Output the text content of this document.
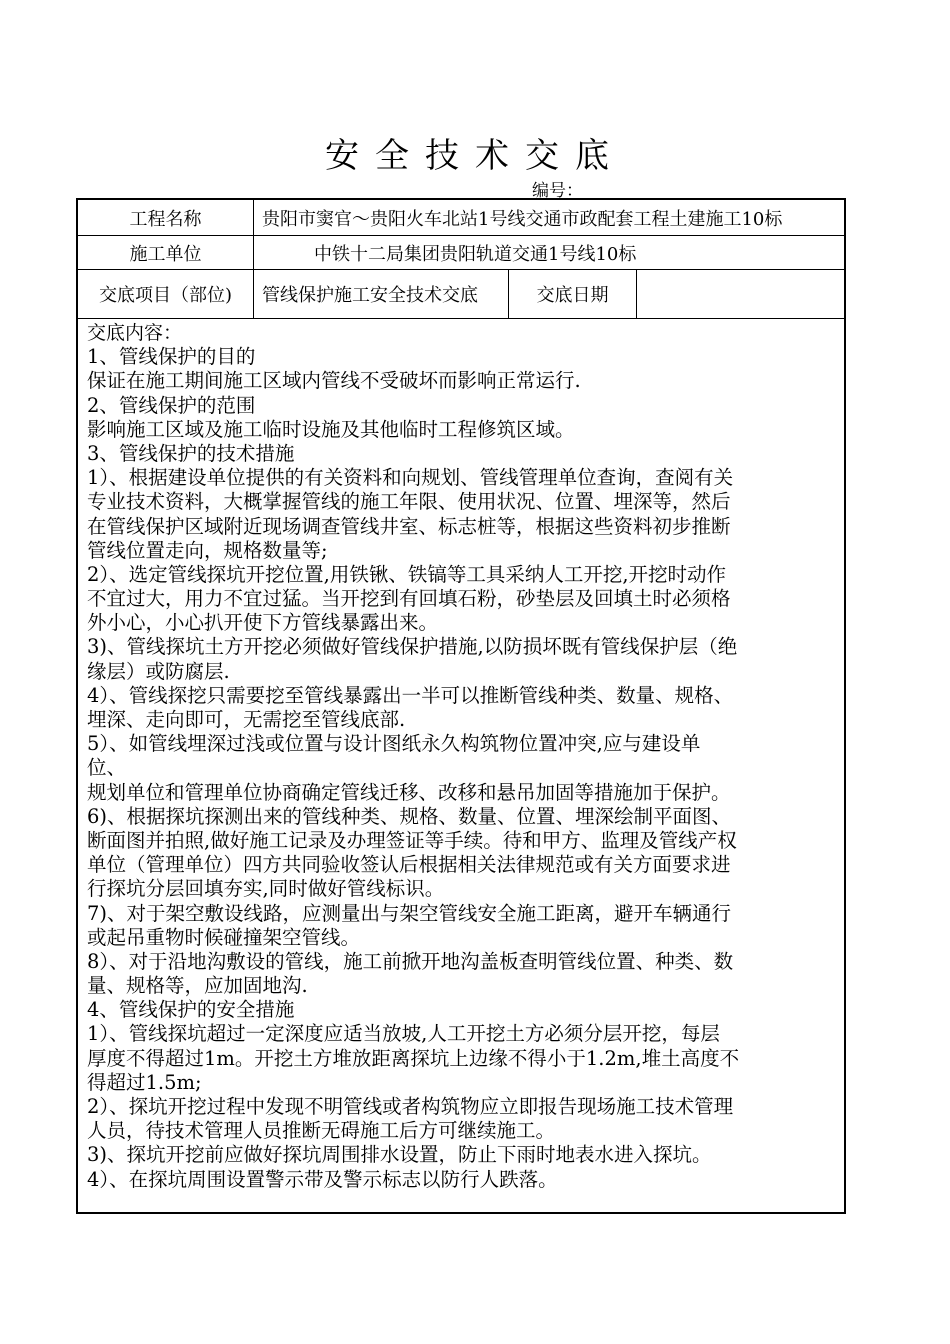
安全技术交底
编号：
工程名称	贵阳市窦官～贵阳火车北站1号线交通市政配套工程土建施工10标
施工单位	中铁十二局集团贵阳轨道交通1号线10标
交底项目（部位)	管线保护施工安全技术交底	交底日期
交底内容：
1、管线保护的目的
保证在施工期间施工区域内管线不受破坏而影响正常运行.
2、管线保护的范围
影响施工区域及施工临时设施及其他临时工程修筑区域。
3、管线保护的技术措施
1）、根据建设单位提供的有关资料和向规划、管线管理单位查询，查阅有关
专业技术资料，大概掌握管线的施工年限、使用状况、位置、埋深等，然后
在管线保护区域附近现场调查管线井室、标志桩等，根据这些资料初步推断
管线位置走向，规格数量等;
2）、选定管线探坑开挖位置,用铁锹、铁镐等工具采纳人工开挖,开挖时动作
不宜过大，用力不宜过猛。当开挖到有回填石粉，砂垫层及回填土时必须格
外小心，小心扒开使下方管线暴露出来。
3)、管线探坑土方开挖必须做好管线保护措施,以防损坏既有管线保护层（绝
缘层）或防腐层.
4）、管线探挖只需要挖至管线暴露出一半可以推断管线种类、数量、规格、
埋深、走向即可，无需挖至管线底部.
5）、如管线埋深过浅或位置与设计图纸永久构筑物位置冲突,应与建设单
位、
规划单位和管理单位协商确定管线迁移、改移和悬吊加固等措施加于保护。
6)、根据探坑探测出来的管线种类、规格、数量、位置、埋深绘制平面图、
断面图并拍照,做好施工记录及办理签证等手续。待和甲方、监理及管线产权
单位（管理单位）四方共同验收签认后根据相关法律规范或有关方面要求进
行探坑分层回填夯实,同时做好管线标识。
7)、对于架空敷设线路，应测量出与架空管线安全施工距离，避开车辆通行
或起吊重物时候碰撞架空管线。
8）、对于沿地沟敷设的管线，施工前掀开地沟盖板查明管线位置、种类、数
量、规格等，应加固地沟.
4、管线保护的安全措施
1）、管线探坑超过一定深度应适当放坡,人工开挖土方必须分层开挖，每层
厚度不得超过1m。开挖土方堆放距离探坑上边缘不得小于1.2m,堆土高度不
得超过1.5m;
2）、探坑开挖过程中发现不明管线或者构筑物应立即报告现场施工技术管理
人员，待技术管理人员推断无碍施工后方可继续施工。
3)、探坑开挖前应做好探坑周围排水设置，防止下雨时地表水进入探坑。
4）、在探坑周围设置警示带及警示标志以防行人跌落。
